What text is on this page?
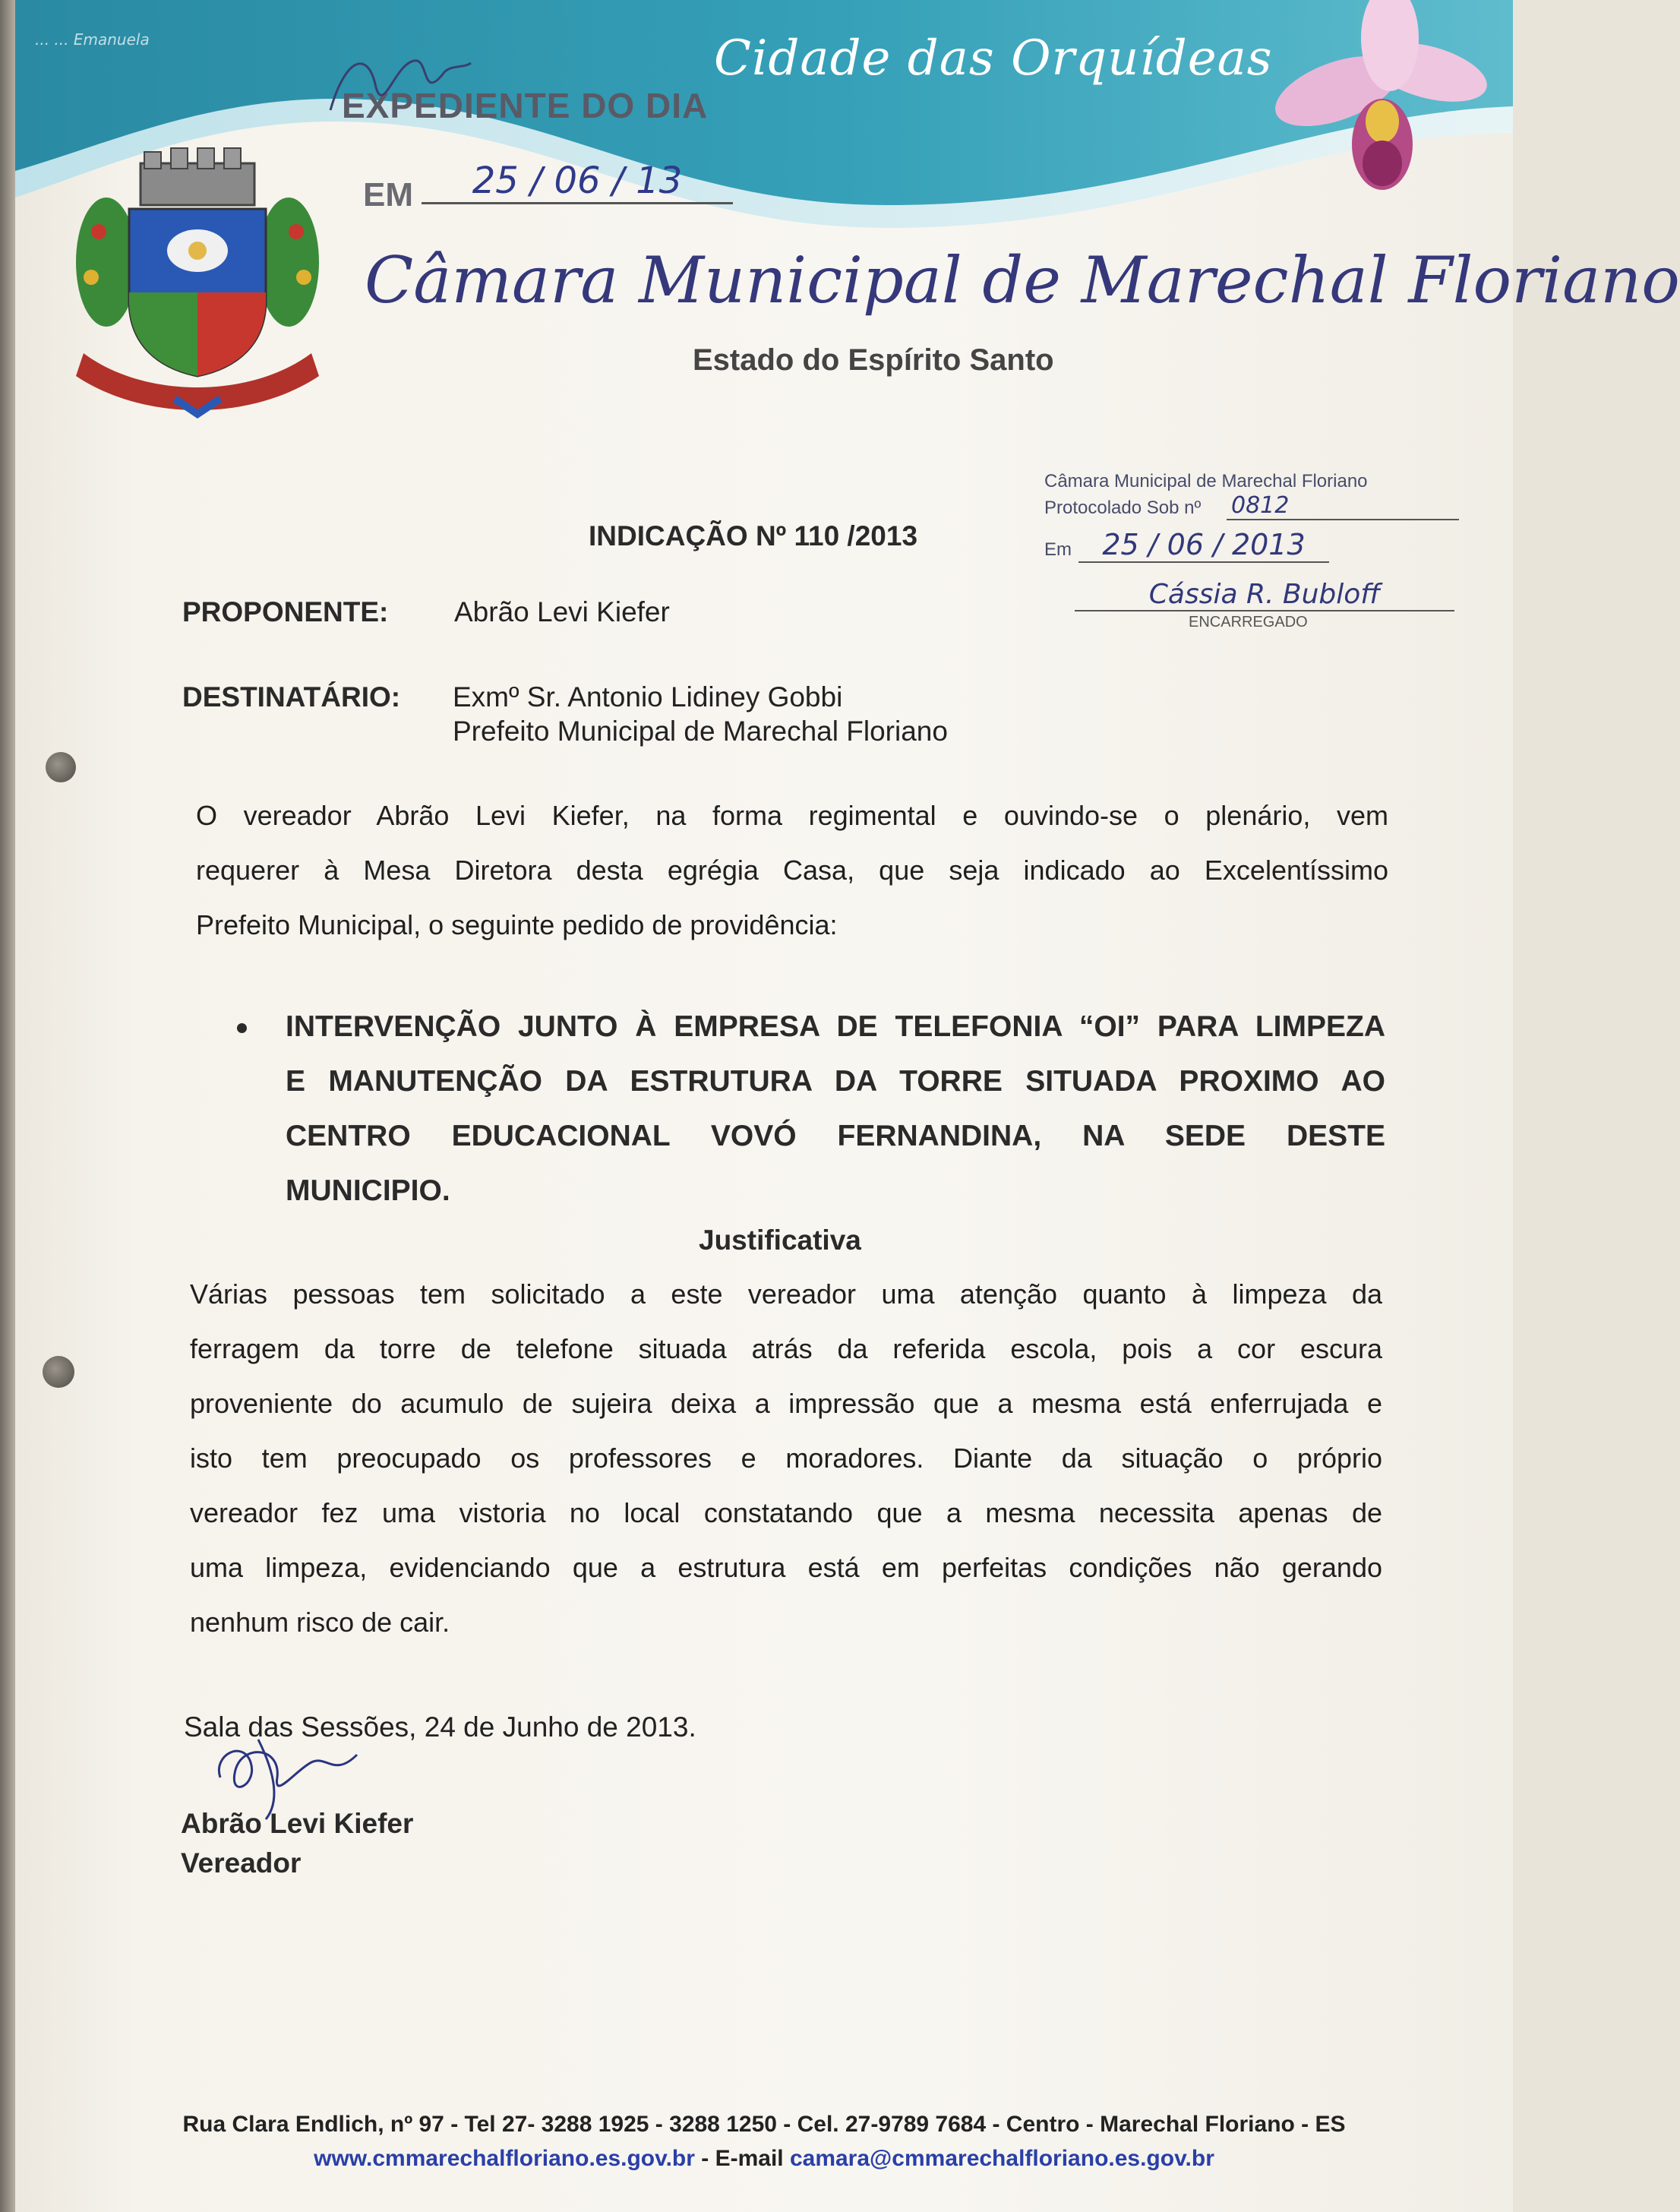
... ... Emanuela	Cidade das Orquídeas
EXPEDIENTE DO DIA
EM	25 / 06 / 13
Câmara Municipal de Marechal Floriano
Estado do Espírito Santo
Câmara Municipal de Marechal Floriano
Protocolado Sob nº 0812
Em	25 / 06 / 2013
Cássia R. Bubloff
ENCARREGADO
INDICAÇÃO Nº 110 /2013
PROPONENTE: Abrão Levi Kiefer
DESTINATÁRIO: Exmº Sr. Antonio Lidiney Gobbi
Prefeito Municipal de Marechal Floriano
O vereador Abrão Levi Kiefer, na forma regimental e ouvindo-se o plenário, vem
requerer à Mesa Diretora desta egrégia Casa, que seja indicado ao Excelentíssimo
Prefeito Municipal, o seguinte pedido de providência:
INTERVENÇÃO JUNTO À EMPRESA DE TELEFONIA “OI” PARA LIMPEZA
E MANUTENÇÃO DA ESTRUTURA DA TORRE SITUADA PROXIMO AO
CENTRO EDUCACIONAL VOVÓ FERNANDINA, NA SEDE DESTE
MUNICIPIO.
Justificativa
Várias pessoas tem solicitado a este vereador uma atenção quanto à limpeza da
ferragem da torre de telefone situada atrás da referida escola, pois a cor escura
proveniente do acumulo de sujeira deixa a impressão que a mesma está enferrujada e
isto tem preocupado os professores e moradores. Diante da situação o próprio
vereador fez uma vistoria no local constatando que a mesma necessita apenas de
uma limpeza, evidenciando que a estrutura está em perfeitas condições não gerando
nenhum risco de cair.
Sala das Sessões, 24 de Junho de 2013.
Abrão Levi Kiefer
Vereador
Rua Clara Endlich, nº 97 - Tel 27- 3288 1925 - 3288 1250 - Cel. 27-9789 7684 - Centro - Marechal Floriano - ES
www.cmmarechalfloriano.es.gov.br - E-mail camara@cmmarechalfloriano.es.gov.br
